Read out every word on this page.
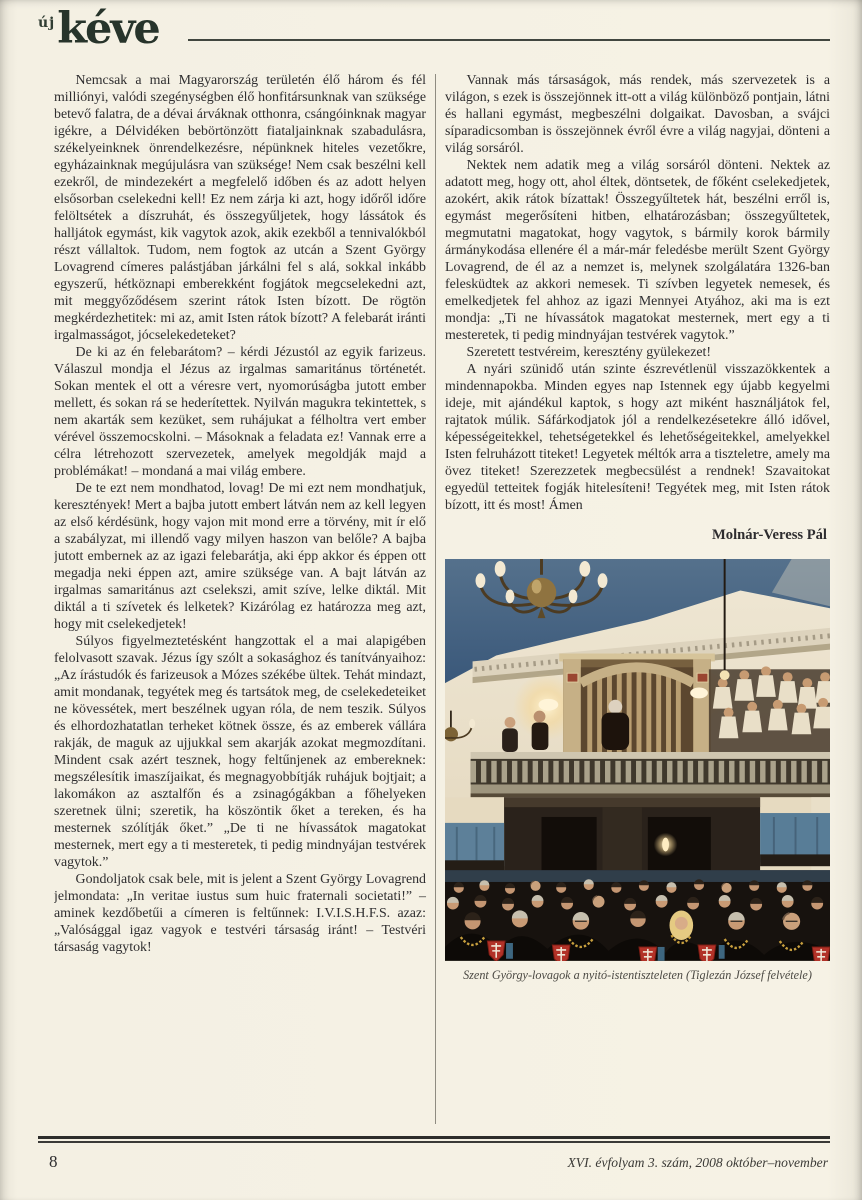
újkéve

Nemcsak a mai Magyarország területén élő három és fél milliónyi, valódi szegénységben élő honfitársunknak van szüksége betevő falatra, de a dévai árváknak otthonra, csángóinknak magyar igékre, a Délvidéken bebörtönzött fiataljainknak szabadulásra, székelyeinknek önrendelkezésre, népünknek hiteles vezetőkre, egyházainknak megújulásra van szüksége! Nem csak beszélni kell ezekről, de mindezekért a megfelelő időben és az adott helyen elsősorban cselekedni kell! Ez nem zárja ki azt, hogy időről időre felöltsétek a díszruhát, és összegyűljetek, hogy lássátok és halljátok egymást, kik vagytok azok, akik ezekből a tennivalókból részt vállaltok. Tudom, nem fogtok az utcán a Szent György Lovagrend címeres palástjában járkálni fel s alá, sokkal inkább egyszerű, hétköznapi emberekként fogjátok megcselekedni azt, mit meggyőződésem szerint rátok Isten bízott. De rögtön megkérdezhetitek: mi az, amit Isten rátok bízott? A felebarát iránti irgalmasságot, jócselekedeteket?

De ki az én felebarátom? – kérdi Jézustól az egyik farizeus. Válaszul mondja el Jézus az irgalmas samaritánus történetét. Sokan mentek el ott a véresre vert, nyomorúságba jutott ember mellett, és sokan rá se hederítettek. Nyilván magukra tekintettek, s nem akarták sem kezüket, sem ruhájukat a félholtra vert ember vérével összemocskolni. – Másoknak a feladata ez! Vannak erre a célra létrehozott szervezetek, amelyek megoldják majd a problémákat! – mondaná a mai világ embere.

De te ezt nem mondhatod, lovag! De mi ezt nem mondhatjuk, keresztények! Mert a bajba jutott embert látván nem az kell legyen az első kérdésünk, hogy vajon mit mond erre a törvény, mit ír elő a szabályzat, mi illendő vagy milyen haszon van belőle? A bajba jutott embernek az az igazi felebarátja, aki épp akkor és éppen ott megadja neki éppen azt, amire szüksége van. A bajt látván az irgalmas samaritánus azt cselekszi, amit szíve, lelke diktál. Mit diktál a ti szívetek és lelketek? Kizárólag ez határozza meg azt, hogy mit cselekedjetek!

Súlyos figyelmeztetésként hangzottak el a mai alapigében felolvasott szavak. Jézus így szólt a sokasághoz és tanítványaihoz: „Az írástudók és farizeusok a Mózes székébe ültek. Tehát mindazt, amit mondanak, tegyétek meg és tartsátok meg, de cselekedeteiket ne kövessétek, mert beszélnek ugyan róla, de nem teszik. Súlyos és elhordozhatatlan terheket kötnek össze, és az emberek vállára rakják, de maguk az ujjukkal sem akarják azokat megmozdítani. Mindent csak azért tesznek, hogy feltűnjenek az embereknek: megszélesítik imaszíjaikat, és megnagyobbítják ruhájuk bojtjait; a lakomákon az asztalfőn és a zsinagógákban a főhelyeken szeretnek ülni; szeretik, ha köszöntik őket a tereken, és ha mesternek szólítják őket.” „De ti ne hívassátok magatokat mesternek, mert egy a ti mesteretek, ti pedig mindnyájan testvérek vagytok.”

Gondoljatok csak bele, mit is jelent a Szent György Lovagrend jelmondata: „In veritae iustus sum huic fraternali societati!” – aminek kezdőbetűi a címeren is feltűnnek: I.V.I.S.H.F.S. azaz: „Valósággal igaz vagyok e testvéri társaság iránt! – Testvéri társaság vagytok!

Vannak más társaságok, más rendek, más szervezetek is a világon, s ezek is összejönnek itt-ott a világ különböző pontjain, látni és hallani egymást, megbeszélni dolgaikat. Davosban, a svájci síparadicsomban is összejönnek évről évre a világ nagyjai, dönteni a világ sorsáról.

Nektek nem adatik meg a világ sorsáról dönteni. Nektek az adatott meg, hogy ott, ahol éltek, döntsetek, de főként cselekedjetek, azokért, akik rátok bízattak! Összegyűltetek hát, beszélni erről is, egymást megerősíteni hitben, elhatározásban; összegyűltetek, megmutatni magatokat, hogy vagytok, s bármily korok bármily ármánykodása ellenére él a már-már feledésbe merült Szent György Lovagrend, de él az a nemzet is, melynek szolgálatára 1326-ban felesküdtek az akkori nemesek. Ti szívben legyetek nemesek, és emelkedjetek fel ahhoz az igazi Mennyei Atyához, aki ma is ezt mondja: „Ti ne hívassátok magatokat mesternek, mert egy a ti mesteretek, ti pedig mindnyájan testvérek vagytok.”

Szeretett testvéreim, keresztény gyülekezet!

A nyári szünidő után szinte észrevétlenül visszazökkentek a mindennapokba. Minden egyes nap Istennek egy újabb kegyelmi ideje, mit ajándékul kaptok, s hogy azt miként használjátok fel, rajtatok múlik. Sáfárkodjatok jól a rendelkezésetekre álló idővel, képességeitekkel, tehetségetekkel és lehetőségeitekkel, amelyekkel Isten felruházott titeket! Legyetek méltók arra a tiszteletre, amely ma övez titeket! Szerezzetek megbecsülést a rendnek! Szavaitokat egyedül tetteitek fogják hitelesíteni! Tegyétek meg, mit Isten rátok bízott, itt és most! Ámen

Molnár-Veress Pál

Szent György-lovagok a nyitó-istentiszteleten (Tiglezán József felvétele)
8	XVI. évfolyam 3. szám, 2008 október–november
